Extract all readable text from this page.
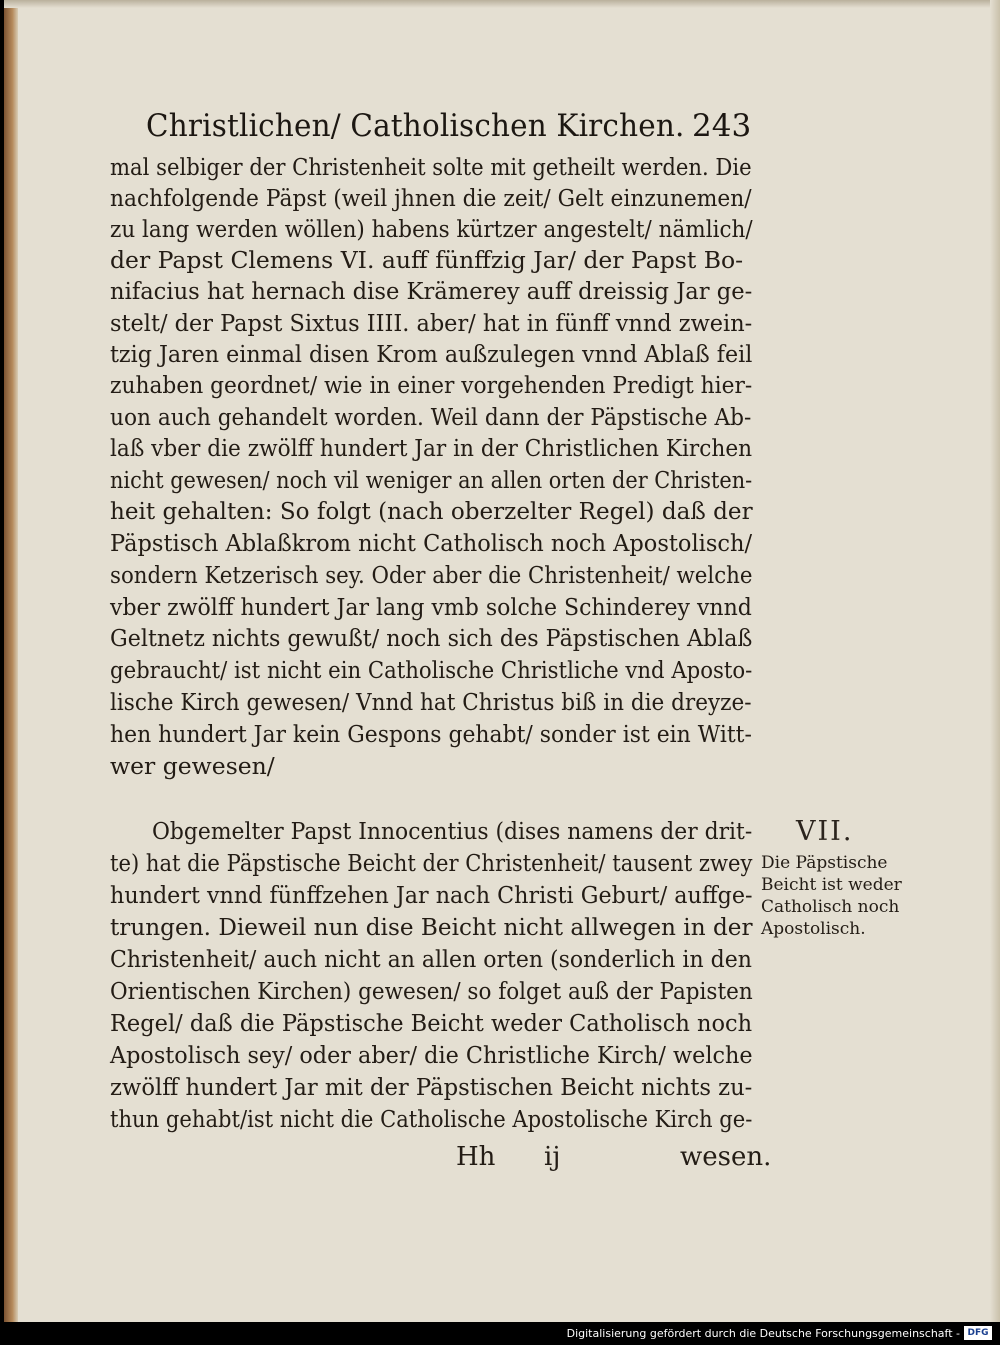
Christlichen/ Catholischen Kirchen. 243
mal selbiger der Christenheit solte mit getheilt werden. Die
nachfolgende Päpst (weil jhnen die zeit/ Gelt einzunemen/
zu lang werden wöllen) habens kürtzer angestelt/ nämlich/
der Papst Clemens VI. auff fünffzig Jar/ der Papst Bo-
nifacius hat hernach dise Krämerey auff dreissig Jar ge-
stelt/ der Papst Sixtus IIII. aber/ hat in fünff vnnd zwein-
tzig Jaren einmal disen Krom außzulegen vnnd Ablaß feil
zuhaben geordnet/ wie in einer vorgehenden Predigt hier-
uon auch gehandelt worden. Weil dann der Päpstische Ab-
laß vber die zwölff hundert Jar in der Christlichen Kirchen
nicht gewesen/ noch vil weniger an allen orten der Christen-
heit gehalten: So folgt (nach oberzelter Regel) daß der
Päpstisch Ablaßkrom nicht Catholisch noch Apostolisch/
sondern Ketzerisch sey. Oder aber die Christenheit/ welche
vber zwölff hundert Jar lang vmb solche Schinderey vnnd
Geltnetz nichts gewußt/ noch sich des Päpstischen Ablaß
gebraucht/ ist nicht ein Catholische Christliche vnd Aposto-
lische Kirch gewesen/ Vnnd hat Christus biß in die dreyze-
hen hundert Jar kein Gespons gehabt/ sonder ist ein Witt-
wer gewesen/
Obgemelter Papst Innocentius (dises namens der drit-
te) hat die Päpstische Beicht der Christenheit/ tausent zwey
hundert vnnd fünffzehen Jar nach Christi Geburt/ auffge-
trungen. Dieweil nun dise Beicht nicht allwegen in der
Christenheit/ auch nicht an allen orten (sonderlich in den
Orientischen Kirchen) gewesen/ so folget auß der Papisten
Regel/ daß die Päpstische Beicht weder Catholisch noch
Apostolisch sey/ oder aber/ die Christliche Kirch/ welche
zwölff hundert Jar mit der Päpstischen Beicht nichts zu-
thun gehabt/ist nicht die Catholische Apostolische Kirch ge-
VII.
Die Päpstische
Beicht ist weder
Catholisch noch
Apostolisch.
Hh ij	wesen.
Digitalisierung gefördert durch die Deutsche Forschungsgemeinschaft - DFG
